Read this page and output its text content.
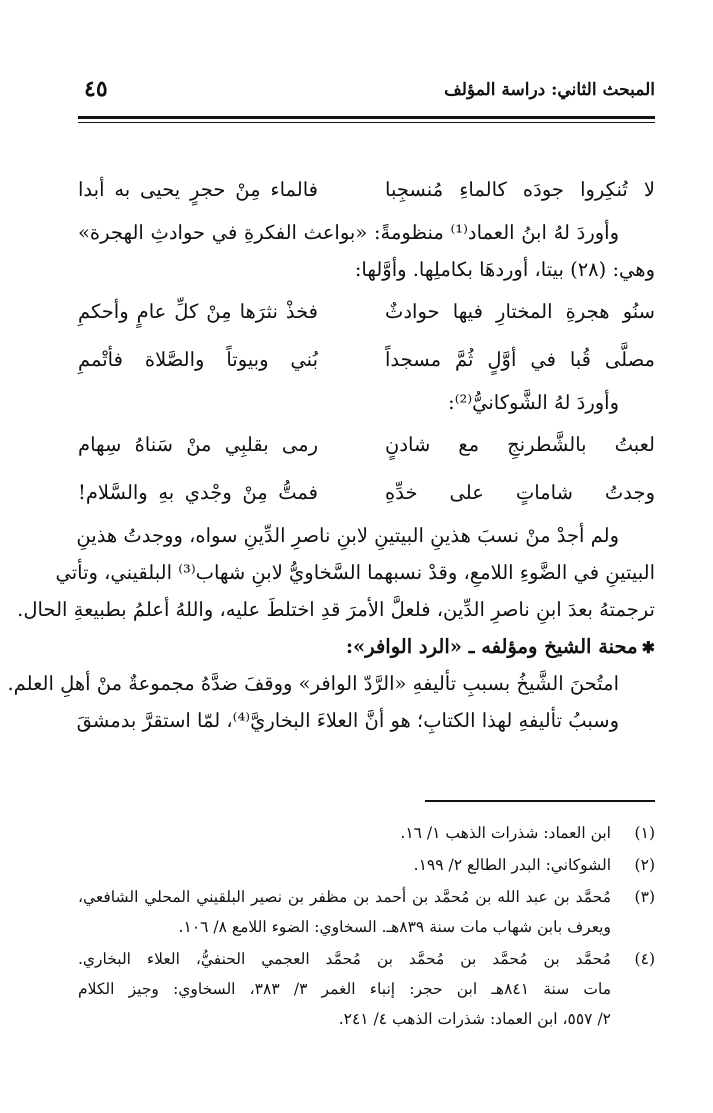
المبحث الثاني: دراسة المؤلف
٤٥
لا تُنكِروا جودَه كالماءِ مُنسجِبا
فالماء مِنْ حجرٍ يحيى به أبدا
وأوردَ لهُ ابنُ العماد⁽¹⁾ منظومةً: «بواعث الفكرةِ في حوادثِ الهجرة»
وهي: (٢٨) بيتا، أوردهَا بكاملِها. وأوَّلها:
سنُو هجرةِ المختارِ فيها حوادثٌ
فخذْ نثرَها مِنْ كلِّ عامٍ وأحكمِ
مصلَّى قُبا في أوَّلٍ ثُمَّ مسجداً
بُني وبيوتاً والصَّلاة فأتْممِ
وأوردَ لهُ الشَّوكانيُّ⁽²⁾:
لعبتُ بالشَّطرنجِ مع شادنٍ
رمى بقلبِي منْ سَناهُ سِهام
وجدتُ شاماتٍ على خدِّهِ
فمتُّ مِنْ وجْدي بهِ والسَّلام!
ولم أجدْ منْ نسبَ هذينِ البيتينِ لابنِ ناصرِ الدِّينِ سواه، ووجدتُ هذينِ
البيتينِ في الضَّوءِ اللامعِ، وقدْ نسبهما السَّخاويُّ لابنِ شهاب⁽³⁾ البلقيني، وتأتي
ترجمتهُ بعدَ ابنِ ناصرِ الدِّين، فلعلَّ الأمرَ قدِ اختلطَ عليه، واللهُ أعلمُ بطبيعةِ الحال.
✱محنة الشيخ ومؤلفه ـ «الرد الوافر»:
امتُحنَ الشَّيخُ بسببِ تأليفهِ «الرَّدّ الوافر» ووقفَ ضدَّهُ مجموعةٌ منْ أهلِ العلم.
وسببُ تأليفهِ لهذا الكتابِ؛ هو أنَّ العلاءَ البخاريَّ⁽⁴⁾، لمّا استقرَّ بدمشقَ
(١)
ابن العماد: شذرات الذهب ١/ ١٦.
(٢)
الشوكاني: البدر الطالع ٢/ ١٩٩.
(٣)
مُحمَّد بن عبد الله بن مُحمَّد بن أحمد بن مظفر بن نصير البلقيني المحلي الشافعي،
ويعرف بابن شهاب مات سنة ٨٣٩هـ. السخاوي: الضوء اللامع ٨/ ١٠٦.
(٤)
مُحمَّد بن مُحمَّد بن مُحمَّد بن مُحمَّد العجمي الحنفيُّ، العلاء البخاري.
مات سنة ٨٤١هـ ابن حجر: إنباء الغمر ٣/ ٣٨٣، السخاوي: وجيز الكلام
٢/ ٥٥٧، ابن العماد: شذرات الذهب ٤/ ٢٤١.
